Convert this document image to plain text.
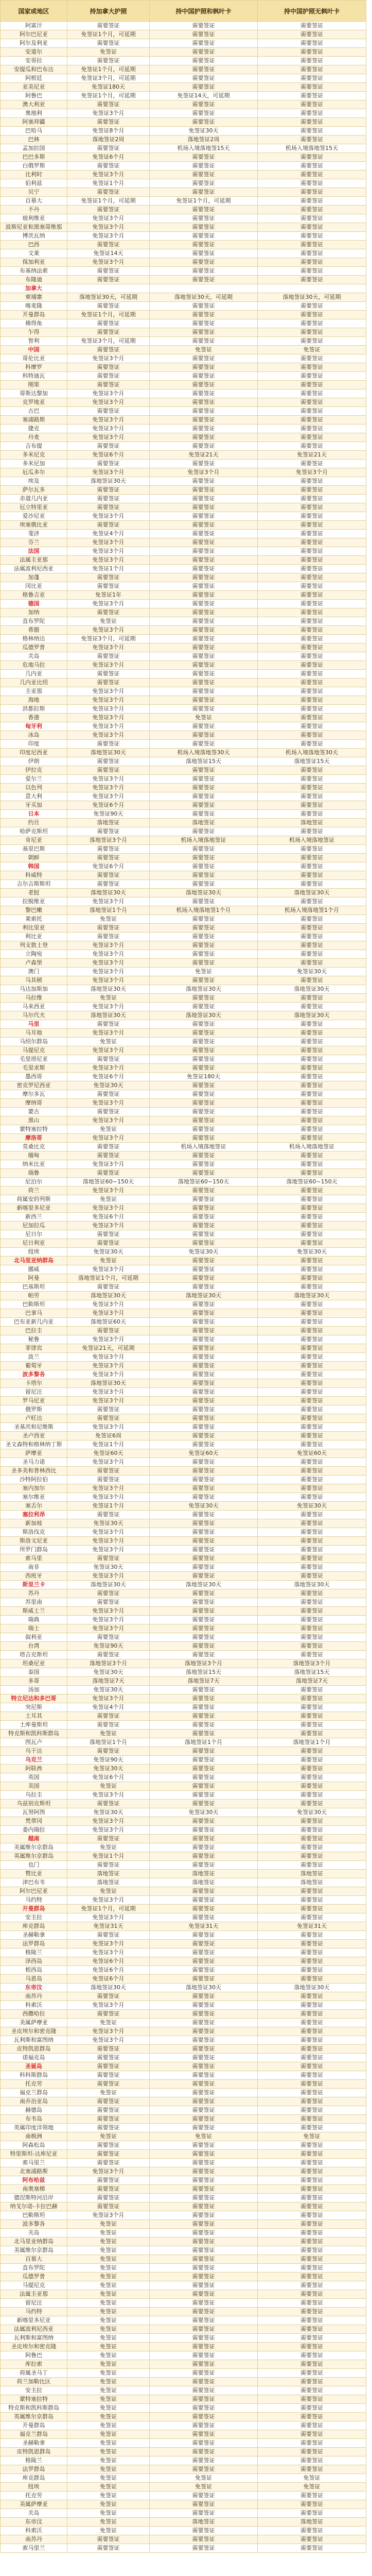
国家或地区	持加拿大护照	持中国护照和枫叶卡	持中国护照无枫叶卡
阿富汗	需要签证	需要签证	需要签证
阿尔巴尼亚	免签证1个月，可延期	需要签证	需要签证
阿尔及利亚	需要签证	需要签证	需要签证
安道尔	免签证	需要签证	需要签证
安哥拉	需要签证	需要签证	需要签证
安提瓜和巴布达	免签证1个月，可延期	需要签证	需要签证
阿根廷	免签证3个月，可延期	需要签证	需要签证
亚美尼亚	免签证180天	需要签证	需要签证
阿鲁巴	免签证1个月，可延期	免签证14天，可延期	需要签证
澳大利亚	需要签证	需要签证	需要签证
奥地利	免签证3个月	需要签证	需要签证
阿塞拜疆	需要签证	需要签证	需要签证
巴哈马	免签证8个月	免签证30天	需要签证
巴林	落地签证2周	落地签证2周	需要签证
孟加拉国	需要签证	机场入境落地签15天	机场入境落地签15天
巴巴多斯	免签证6个月	需要签证	需要签证
白俄罗斯	需要签证	需要签证	需要签证
比利时	免签证3个月	需要签证	需要签证
伯利兹	免签证1个月	需要签证	需要签证
贝宁	需要签证	需要签证	需要签证
百慕大	免签证1个月，可延期	免签证1个月，可延期	需要签证
不丹	需要签证	需要签证	需要签证
玻利维亚	免签证3个月	需要签证	需要签证
波斯尼亚和黑塞哥维那	免签证3个月	需要签证	需要签证
博茨瓦纳	免签证3个月	需要签证	需要签证
巴西	需要签证	需要签证	需要签证
文莱	免签证14天	需要签证	需要签证
保加利亚	免签证3个月	需要签证	需要签证
布基纳法索	需要签证	需要签证	需要签证
布隆迪	需要签证	需要签证	需要签证
加拿大			
柬埔寨	落地签证30天，可延期	落地签证30天，可延期	落地签证30天，可延期
喀麦隆	需要签证	需要签证	需要签证
开曼群岛	免签证1个月，可延期	需要签证	需要签证
佛得角	需要签证	需要签证	需要签证
乍得	需要签证	需要签证	需要签证
智利	免签证3个月，可延期	需要签证	需要签证
中国	需要签证	免签证	免签证
哥伦比亚	免签证3个月	需要签证	需要签证
科摩罗	需要签证	需要签证	需要签证
科特迪瓦	需要签证	需要签证	需要签证
刚果	需要签证	需要签证	需要签证
哥斯达黎加	免签证3个月	需要签证	需要签证
克罗地亚	免签证3个月	需要签证	需要签证
古巴	需要签证	需要签证	需要签证
塞浦路斯	免签证3个月	需要签证	需要签证
捷克	免签证3个月	需要签证	需要签证
丹麦	免签证3个月	需要签证	需要签证
吉布提	需要签证	需要签证	需要签证
多米尼克	免签证6个月	免签证21天	免签证21天
多米尼加	需要签证	需要签证	需要签证
厄瓜多尔	免签证3个月	免签证3个月	免签证3个月
埃及	落地签证30天	需要签证	需要签证
萨尔瓦多	需要签证	需要签证	需要签证
赤道几内亚	需要签证	需要签证	需要签证
厄立特里亚	需要签证	需要签证	需要签证
爱沙尼亚	免签证3个月	需要签证	需要签证
埃塞俄比亚	需要签证	需要签证	需要签证
斐济	免签证4个月	需要签证	需要签证
芬兰	免签证3个月	需要签证	需要签证
法国	免签证3个月	需要签证	需要签证
法属圭亚那	免签证3个月	需要签证	需要签证
法属波利尼西亚	免签证1个月	需要签证	需要签证
加蓬	需要签证	需要签证	需要签证
冈比亚	需要签证	需要签证	需要签证
格鲁吉亚	免签证1年	需要签证	需要签证
德国	免签证3个月	需要签证	需要签证
加纳	需要签证	需要签证	需要签证
直布罗陀	免签证	需要签证	需要签证
希腊	免签证3个月	需要签证	需要签证
格林纳达	免签证3个月，可延期	需要签证	需要签证
瓜德罗普	免签证3个月	需要签证	需要签证
关岛	需要签证	需要签证	需要签证
危地马拉	免签证3个月	需要签证	需要签证
几内亚	需要签证	需要签证	需要签证
几内亚比绍	需要签证	需要签证	需要签证
圭亚那	免签证3个月	需要签证	需要签证
海地	免签证3个月	需要签证	需要签证
洪都拉斯	免签证3个月	需要签证	需要签证
香港	免签证3个月	免签证	需要签证
匈牙利	免签证3个月	需要签证	需要签证
冰岛	免签证3个月	需要签证	需要签证
印度	需要签证	需要签证	需要签证
印度尼西亚	落地签证30天	机场入境落地签30天	机场入境落地签30天
伊朗	需要签证	落地签证15天	落地签证15天
伊拉克	需要签证	需要签证	需要签证
爱尔兰	免签证3个月	需要签证	需要签证
以色列	免签证3个月	需要签证	需要签证
意大利	免签证3个月	需要签证	需要签证
牙买加	免签证6个月	需要签证	需要签证
日本	免签证90天	需要签证	需要签证
约旦	落地签证	落地签证	落地签证
哈萨克斯坦	需要签证	需要签证	需要签证
肯尼亚	落地签证3个月	机场入境落地签证	机场入境落地签证
基里巴斯	需要签证	需要签证	需要签证
朝鲜	需要签证	需要签证	需要签证
韩国	免签证6个月	需要签证	需要签证
科威特	需要签证	需要签证	需要签证
吉尔吉斯斯坦	需要签证	需要签证	需要签证
老挝	落地签证30天	落地签证30天	落地签证30天
拉脱维亚	免签证3个月	需要签证	需要签证
黎巴嫩	落地签证1个月	机场入境落地签1个月	机场入境落地签1个月
莱索托	免签证	需要签证	需要签证
利比里亚	需要签证	需要签证	需要签证
利比亚	需要签证	需要签证	需要签证
列支敦士登	免签证3个月	需要签证	需要签证
立陶宛	免签证3个月	需要签证	需要签证
卢森堡	免签证3个月	需要签证	需要签证
澳门	免签证3个月	免签证	免签证30天
马其顿	免签证3个月	需要签证	需要签证
马达加斯加	落地签证30天	落地签证30天	落地签证30天
马拉维	免签证	需要签证	需要签证
马来西亚	免签证3个月	需要签证	需要签证
马尔代夫	落地签证30天	落地签证30天	落地签证30天
马里	需要签证	需要签证	需要签证
马耳他	免签证3个月	需要签证	需要签证
马绍尔群岛	免签证	需要签证	需要签证
马提尼克	免签证3个月	需要签证	需要签证
毛里塔尼亚	需要签证	需要签证	需要签证
毛里求斯	免签证3个月	需要签证	需要签证
墨西哥	免签证6个月	免签证180天	需要签证
密克罗尼西亚	免签证30天	需要签证	需要签证
摩尔多瓦	需要签证	需要签证	需要签证
摩纳哥	免签证3个月	需要签证	需要签证
蒙古	需要签证	需要签证	需要签证
黑山	免签证3个月	需要签证	需要签证
蒙特塞拉特	免签证	需要签证	需要签证
摩洛哥	免签证3个月	需要签证	需要签证
莫桑比克	需要签证	机场入境落地签证	机场入境落地签证
缅甸	需要签证	需要签证	需要签证
纳米比亚	免签证3个月	需要签证	需要签证
瑙鲁	需要签证	需要签证	需要签证
尼泊尔	落地签证60~150天	落地签证60~150天	落地签证60~150天
荷兰	免签证3个月	需要签证	需要签证
荷属安的列斯	免签证	需要签证	需要签证
新喀里多尼亚	免签证3个月	需要签证	需要签证
新西兰	免签证6个月	需要签证	需要签证
尼加拉瓜	免签证3个月	需要签证	需要签证
尼日尔	需要签证	需要签证	需要签证
尼日利亚	需要签证	需要签证	需要签证
纽埃	免签证30天	免签证30天	免签证30天
北马里亚纳群岛	免签证	需要签证	需要签证
挪威	免签证3个月	需要签证	需要签证
阿曼	落地签证1个月，可延期	需要签证	需要签证
巴基斯坦	需要签证	需要签证	需要签证
帕劳	落地签证30天	落地签证30天	落地签证30天
巴勒斯坦	免签证3个月	需要签证	需要签证
巴拿马	免签证3个月	需要签证	需要签证
巴布亚新几内亚	落地签证60天	需要签证	需要签证
巴拉圭	需要签证	需要签证	需要签证
秘鲁	免签证3个月	需要签证	需要签证
菲律宾	免签证21天，可延期	需要签证	需要签证
波兰	免签证3个月	需要签证	需要签证
葡萄牙	免签证3个月	需要签证	需要签证
波多黎各	免签证3个月	需要签证	需要签证
卡塔尔	落地签证30天	需要签证	需要签证
留尼汪	免签证3个月	需要签证	需要签证
罗马尼亚	免签证3个月	需要签证	需要签证
俄罗斯	需要签证	需要签证	需要签证
卢旺达	需要签证	需要签证	需要签证
圣基茨和尼维斯	免签证3个月	需要签证	需要签证
圣卢西亚	免签证6周	需要签证	需要签证
圣文森特和格林纳丁斯	免签证1个月	需要签证	需要签证
萨摩亚	免签证60天	免签证60天	免签证60天
圣马力诺	免签证3个月	需要签证	需要签证
圣多美和普林西比	需要签证	需要签证	需要签证
沙特阿拉伯	需要签证	需要签证	需要签证
塞内加尔	免签证3个月	需要签证	需要签证
塞尔维亚	免签证3个月	需要签证	需要签证
塞舌尔	免签证1个月	免签证30天	免签证30天
塞拉利昂	需要签证	需要签证	需要签证
新加坡	免签证30天	需要签证	需要签证
斯洛伐克	免签证3个月	需要签证	需要签证
斯洛文尼亚	免签证3个月	需要签证	需要签证
所罗门群岛	免签证3个月	需要签证	需要签证
索马里	需要签证	需要签证	需要签证
南非	免签证30天	需要签证	需要签证
西班牙	免签证3个月	需要签证	需要签证
斯里兰卡	落地签证30天	落地签证30天	落地签证30天
苏丹	需要签证	需要签证	需要签证
苏里南	需要签证	需要签证	需要签证
斯威士兰	免签证3个月	需要签证	需要签证
瑞典	免签证3个月	需要签证	需要签证
瑞士	免签证3个月	需要签证	需要签证
叙利亚	需要签证	需要签证	需要签证
台湾	免签证90天	需要签证	需要签证
塔吉克斯坦	需要签证	需要签证	需要签证
坦桑尼亚	落地签证3个月	落地签证3个月	落地签证3个月
泰国	免签证30天	落地签证15天	落地签证15天
多哥	落地签证7天	落地签证7天	落地签证7天
汤加	免签证30天	需要签证	需要签证
特立尼达和多巴哥	免签证3个月	需要签证	需要签证
突尼斯	免签证4个月	需要签证	需要签证
土耳其	需要签证	需要签证	需要签证
土库曼斯坦	需要签证	需要签证	需要签证
特克斯和凯科斯群岛	免签证	需要签证	需要签证
图瓦卢	落地签证1个月	落地签证1个月	落地签证1个月
乌干达	需要签证	需要签证	需要签证
乌克兰	免签证90天	需要签证	需要签证
阿联酋	免签证30天	需要签证	需要签证
英国	免签证6个月	需要签证	需要签证
美国	免签证	需要签证	需要签证
乌拉圭	免签证3个月	需要签证	需要签证
乌兹别克斯坦	需要签证	需要签证	需要签证
瓦努阿图	免签证30天	免签证30天	免签证30天
梵蒂冈	免签证3个月	需要签证	需要签证
委内瑞拉	免签证3个月	需要签证	需要签证
越南	需要签证	需要签证	需要签证
美属维尔京群岛	免签证	需要签证	需要签证
英属维尔京群岛	免签证1个月	需要签证	需要签证
也门	需要签证	需要签证	需要签证
赞比亚	落地签证	落地签证	落地签证
津巴布韦	落地签证	落地签证	落地签证
阿尔巴尼亚	免签证	需要签证	需要签证
马约特	免签证3个月	需要签证	需要签证
开曼群岛	免签证1个月，可延期	需要签证	需要签证
安圭拉	免签证3个月	需要签证	需要签证
库克群岛	免签证31天	免签证31天	免签证31天
圣赫勒拿	需要签证	需要签证	需要签证
法罗群岛	免签证3个月	需要签证	需要签证
格陵兰	免签证3个月	需要签证	需要签证
泽西岛	免签证6个月	需要签证	需要签证
根西岛	免签证6个月	需要签证	需要签证
马恩岛	免签证6个月	需要签证	需要签证
东帝汶	落地签证30天	落地签证30天	落地签证30天
南苏丹	需要签证	需要签证	需要签证
科索沃	免签证3个月	需要签证	需要签证
西撒哈拉	需要签证	需要签证	需要签证
美属萨摩亚	免签证	需要签证	需要签证
圣皮埃尔和密克隆	免签证3个月	需要签证	需要签证
瓦利斯和富图纳	免签证3个月	需要签证	需要签证
皮特凯恩群岛	需要签证	需要签证	需要签证
诺福克岛	需要签证	需要签证	需要签证
圣诞岛	需要签证	需要签证	需要签证
科科斯群岛	需要签证	需要签证	需要签证
托克劳	需要签证	需要签证	需要签证
福克兰群岛	免签证	需要签证	需要签证
南乔治亚岛	需要签证	需要签证	需要签证
赫德岛	需要签证	需要签证	需要签证
布韦岛	需要签证	需要签证	需要签证
英属印度洋领地	需要签证	需要签证	需要签证
南极洲	免签证	免签证	免签证
阿森松岛	需要签证	需要签证	需要签证
特里斯坦-达库尼亚	需要签证	需要签证	需要签证
索马里兰	需要签证	需要签证	需要签证
北塞浦路斯	免签证3个月	需要签证	需要签证
阿布哈兹	需要签证	需要签证	需要签证
南奥塞梯	需要签证	需要签证	需要签证
德涅斯特河沿岸	需要签证	需要签证	需要签证
纳戈尔诺-卡拉巴赫	需要签证	需要签证	需要签证
巴勒斯坦	免签证3个月	需要签证	需要签证
波多黎各	免签证	需要签证	需要签证
关岛	免签证	需要签证	需要签证
北马里亚纳群岛	免签证	需要签证	需要签证
美属维尔京群岛	免签证	需要签证	需要签证
百慕大	免签证	需要签证	需要签证
直布罗陀	免签证	需要签证	需要签证
瓜德罗普	免签证	需要签证	需要签证
马提尼克	免签证	需要签证	需要签证
法属圭亚那	免签证	需要签证	需要签证
留尼汪	免签证	需要签证	需要签证
马约特	免签证	需要签证	需要签证
新喀里多尼亚	免签证	需要签证	需要签证
法属波利尼西亚	免签证	需要签证	需要签证
瓦利斯和富图纳	免签证	需要签证	需要签证
圣皮埃尔和密克隆	免签证	需要签证	需要签证
阿鲁巴	免签证	需要签证	需要签证
库拉索	免签证	需要签证	需要签证
荷属圣马丁	免签证	需要签证	需要签证
荷兰加勒比区	免签证	需要签证	需要签证
安圭拉	免签证	需要签证	需要签证
蒙特塞拉特	免签证	需要签证	需要签证
特克斯和凯科斯群岛	免签证	需要签证	需要签证
英属维尔京群岛	免签证	需要签证	需要签证
开曼群岛	免签证	需要签证	需要签证
福克兰群岛	免签证	需要签证	需要签证
圣赫勒拿	免签证	需要签证	需要签证
皮特凯恩群岛	免签证	需要签证	需要签证
格陵兰	免签证	需要签证	需要签证
法罗群岛	免签证	需要签证	需要签证
库克群岛	免签证	免签证	免签证
纽埃	免签证	免签证	免签证
托克劳	免签证	需要签证	需要签证
美属萨摩亚	免签证	需要签证	需要签证
关岛	免签证	需要签证	需要签证
东帝汶	免签证	落地签证	落地签证
科索沃	免签证	需要签证	需要签证
南苏丹	需要签证	需要签证	需要签证
索马里兰	需要签证	需要签证	需要签证
